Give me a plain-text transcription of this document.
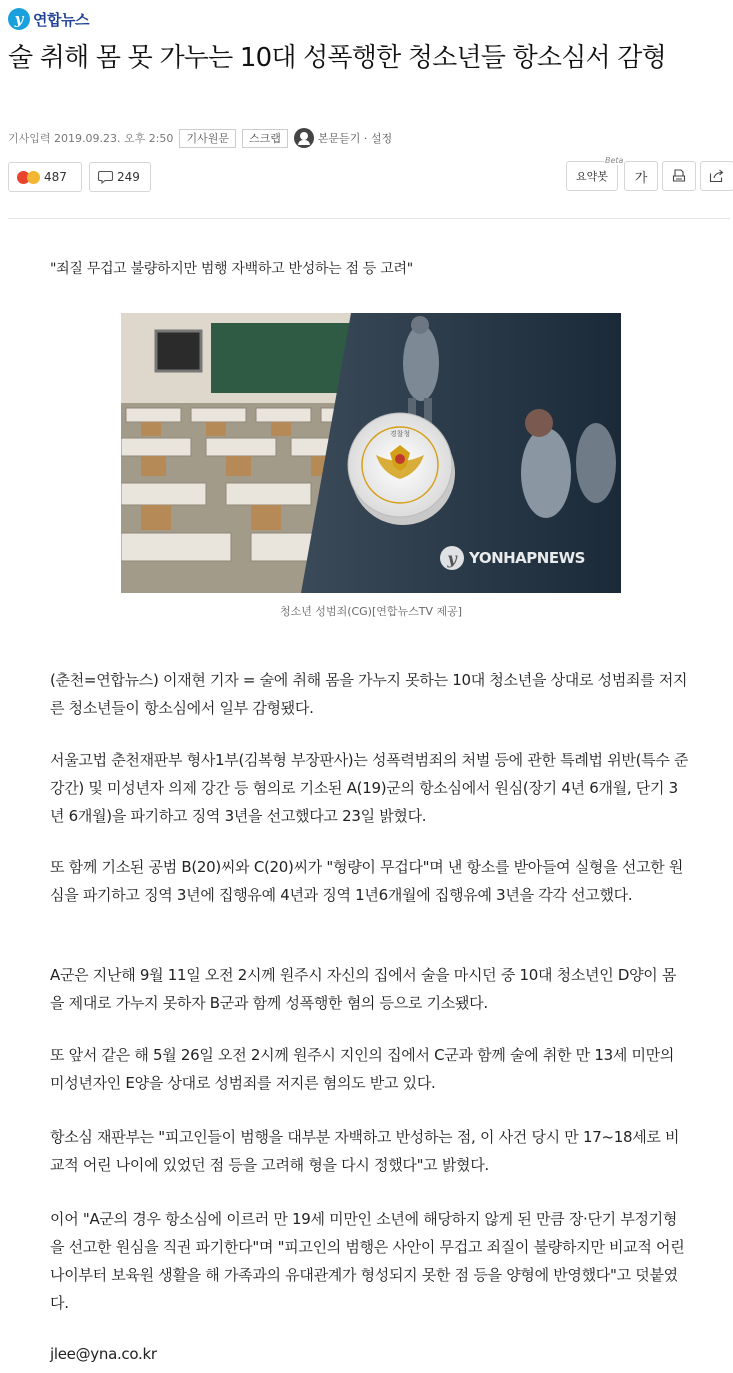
y 연합뉴스
술 취해 몸 못 가누는 10대 성폭행한 청소년들 항소심서 감형
기사입력 2019.09.23. 오후 2:50	기사원문	스크랩	본문듣기 · 설정
487	249	요약봇
Beta
가

"죄질 무겁고 불량하지만 범행 자백하고 반성하는 점 등 고려"

경찰청
y YONHAPNEWS
청소년 성범죄(CG)[연합뉴스TV 제공]

(춘천=연합뉴스) 이재현 기자 = 술에 취해 몸을 가누지 못하는 10대 청소년을 상대로 성범죄를 저지른 청소년들이 항소심에서 일부 감형됐다.

서울고법 춘천재판부 형사1부(김복형 부장판사)는 성폭력범죄의 처벌 등에 관한 특례법 위반(특수 준강간) 및 미성년자 의제 강간 등 혐의로 기소된 A(19)군의 항소심에서 원심(장기 4년 6개월, 단기 3년 6개월)을 파기하고 징역 3년을 선고했다고 23일 밝혔다.

또 함께 기소된 공범 B(20)씨와 C(20)씨가 "형량이 무겁다"며 낸 항소를 받아들여 실형을 선고한 원심을 파기하고 징역 3년에 집행유예 4년과 징역 1년6개월에 집행유예 3년을 각각 선고했다.

A군은 지난해 9월 11일 오전 2시께 원주시 자신의 집에서 술을 마시던 중 10대 청소년인 D양이 몸을 제대로 가누지 못하자 B군과 함께 성폭행한 혐의 등으로 기소됐다.

또 앞서 같은 해 5월 26일 오전 2시께 원주시 지인의 집에서 C군과 함께 술에 취한 만 13세 미만의 미성년자인 E양을 상대로 성범죄를 저지른 혐의도 받고 있다.

항소심 재판부는 "피고인들이 범행을 대부분 자백하고 반성하는 점, 이 사건 당시 만 17~18세로 비교적 어린 나이에 있었던 점 등을 고려해 형을 다시 정했다"고 밝혔다.

이어 "A군의 경우 항소심에 이르러 만 19세 미만인 소년에 해당하지 않게 된 만큼 장·단기 부정기형을 선고한 원심을 직권 파기한다"며 "피고인의 범행은 사안이 무겁고 죄질이 불량하지만 비교적 어린 나이부터 보육원 생활을 해 가족과의 유대관계가 형성되지 못한 점 등을 양형에 반영했다"고 덧붙였다.

jlee@yna.co.kr
